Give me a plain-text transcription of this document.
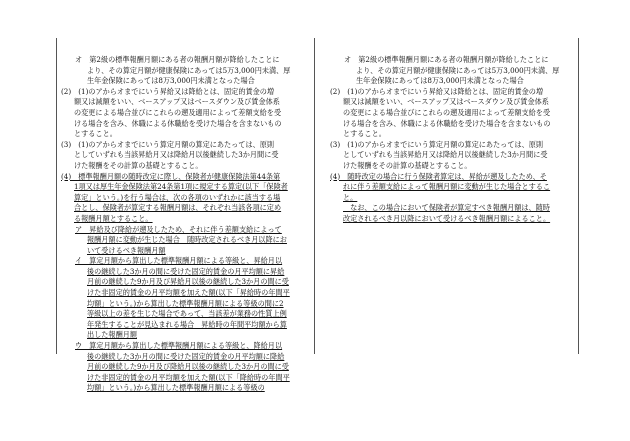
オ　第2級の標準報酬月額にある者の報酬月額が降給したことに
より、その算定月額が健康保険にあっては5万3,000円未満、厚
生年金保険にあっては8万3,000円未満となった場合
(2)　(1)のアからオまでにいう昇給又は降給とは、固定的賃金の増
額又は減額をいい、ベースアップ又はベースダウン及び賃金体系
の変更による場合並びにこれらの遡及適用によって差額支給を受
ける場合を含み、休職による休職給を受けた場合を含まないもの
とすること。
(3)　(1)のアからオまでにいう算定月額の算定にあたっては、原則
としていずれも当該昇給月又は降給月以後継続した3か月間に受
けた報酬をその計算の基礎とすること。
(4)　標準報酬月額の随時改定に際し、保険者が健康保険法第44条第
1項又は厚生年金保険法第24条第1項に規定する算定(以下「保険者
算定」という。)を行う場合は、次の各項のいずれかに該当する場
合とし、保険者が算定する報酬月額は、それぞれ当該各項に定め
る報酬月額とすること。
ア　昇給及び降給が遡及したため、それに伴う差額支給によって
報酬月額に変動が生じた場合　随時改定されるべき月以降にお
いて受けるべき報酬月額
イ　算定月額から算出した標準報酬月額による等級と、昇給月以
後の継続した3か月の間に受けた固定的賃金の月平均額に昇給
月前の継続した9か月及び昇給月以後の継続した3か月の間に受
けた非固定的賃金の月平均額を加えた額(以下「昇給時の年間平
均額」という。)から算出した標準報酬月額による等級の間に2
等級以上の差を生じた場合であって、当該差が業務の性質上例
年発生することが見込まれる場合　昇給時の年間平均額から算
出した報酬月額
ウ　算定月額から算出した標準報酬月額による等級と、降給月以
後の継続した3か月の間に受けた固定的賃金の月平均額に降給
月前の継続した9か月及び降給月以後の継続した3か月の間に受
けた非固定的賃金の月平均額を加えた額(以下「降給時の年間平
均額」という。)から算出した標準報酬月額による等級の
オ　第2級の標準報酬月額にある者の報酬月額が降給したことに
より、その算定月額が健康保険にあっては5万3,000円未満、厚
生年金保険にあっては8万3,000円未満となった場合
(2)　(1)のアからオまでにいう昇給又は降給とは、固定的賃金の増
額又は減額をいい、ベースアップ又はベースダウン及び賃金体系
の変更による場合並びにこれらの遡及適用によって差額支給を受
ける場合を含み、休職による休職給を受けた場合を含まないもの
とすること。
(3)　(1)のアからオまでにいう算定月額の算定にあたっては、原則
としていずれも当該昇給月又は降給月以後継続した3か月間に受
けた報酬をその計算の基礎とすること。
(4)　随時改定の場合に行う保険者算定は、昇給が遡及したため、そ
れに伴う差額支給によって報酬月額に変動が生じた場合とするこ
と。
　なお、この場合において保険者が算定すべき報酬月額は、随時
改定されるべき月以降において受けるべき報酬月額によること。
